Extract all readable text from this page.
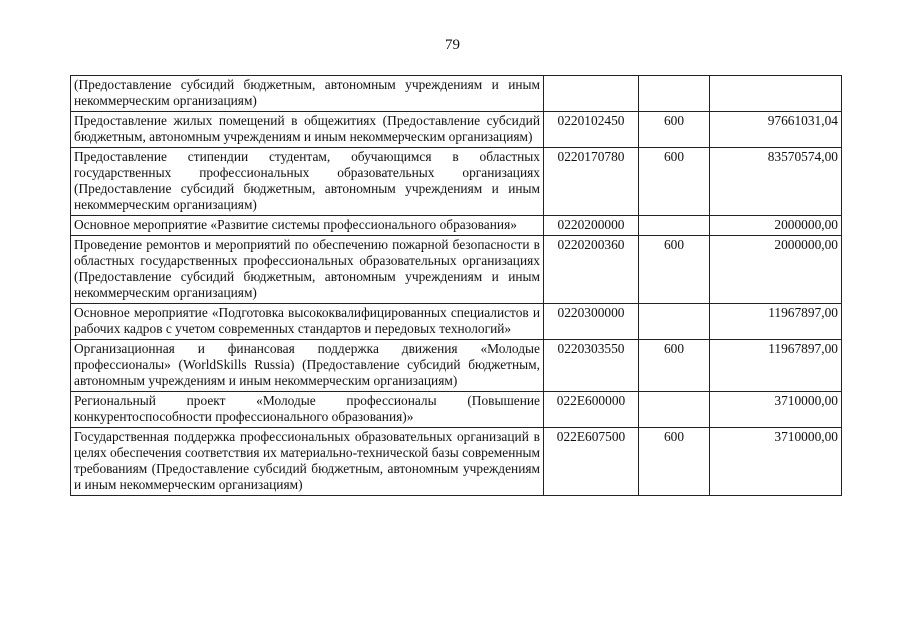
79
(Предоставление субсидий бюджетным, автономным учреждениям и иным некоммерческим организациям)			
Предоставление жилых помещений в общежитиях (Предоставление субсидий бюджетным, автономным учреждениям и иным некоммерческим организациям)	0220102450	600	97661031,04
Предоставление стипендии студентам, обучающимся в областных государственных профессиональных образовательных организациях (Предоставление субсидий бюджетным, автономным учреждениям и иным некоммерческим организациям)	0220170780	600	83570574,00
Основное мероприятие «Развитие системы профессионального образования»	0220200000		2000000,00
Проведение ремонтов и мероприятий по обеспечению пожарной безопасности в областных государственных профессиональных образовательных организациях (Предоставление субсидий бюджетным, автономным учреждениям и иным некоммерческим организациям)	0220200360	600	2000000,00
Основное мероприятие «Подготовка высококвалифицированных специалистов и рабочих кадров с учетом современных стандартов и передовых технологий»	0220300000		11967897,00
Организационная и финансовая поддержка движения «Молодые профессионалы» (WorldSkills Russia) (Предоставление субсидий бюджетным, автономным учреждениям и иным некоммерческим организациям)	0220303550	600	11967897,00
Региональный проект «Молодые профессионалы (Повышение конкурентоспособности профессионального образования)»	022E600000		3710000,00
Государственная поддержка профессиональных образовательных организаций в целях обеспечения соответствия их материально-технической базы современным требованиям (Предоставление субсидий бюджетным, автономным учреждениям и иным некоммерческим организациям)	022E607500	600	3710000,00
